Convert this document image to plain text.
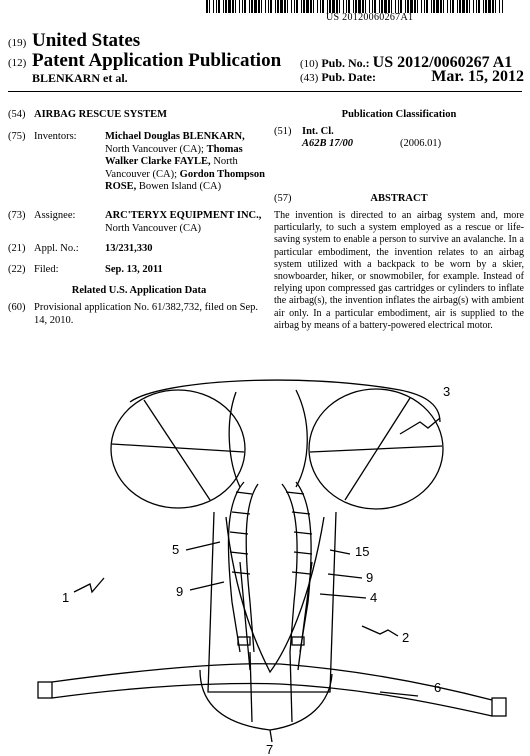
US 20120060267A1
(19) United States
(12) Patent Application Publication
BLENKARN et al.
(10) Pub. No.: US 2012/0060267 A1
(43) Pub. Date:	Mar. 15, 2012
(54) AIRBAG RESCUE SYSTEM
(75) Inventors:	Michael Douglas BLENKARN, North Vancouver (CA); Thomas Walker Clarke FAYLE, North Vancouver (CA); Gordon Thompson ROSE, Bowen Island (CA)
(73) Assignee:	ARC'TERYX EQUIPMENT INC., North Vancouver (CA)
(21) Appl. No.:	13/231,330
(22) Filed:	Sep. 13, 2011
Related U.S. Application Data
(60) Provisional application No. 61/382,732, filed on Sep. 14, 2010.
Publication Classification
(51) Int. Cl.
A62B 17/00	(2006.01)
(57)	ABSTRACT
The invention is directed to an airbag system and, more particularly, to such a system employed as a rescue or life-saving system to enable a person to survive an avalanche. In a particular embodiment, the invention relates to an airbag system utilized with a backpack to be worn by a skier, snowboarder, hiker, or snowmobiler, for example. Instead of relying upon compressed gas cartridges or cylinders to inflate the airbag(s), the invention inflates the airbag(s) with ambient air only. In a particular embodiment, air is supplied to the airbag by means of a battery-powered electrical motor.
3
1
5
9
15
9
4
2
6
7
